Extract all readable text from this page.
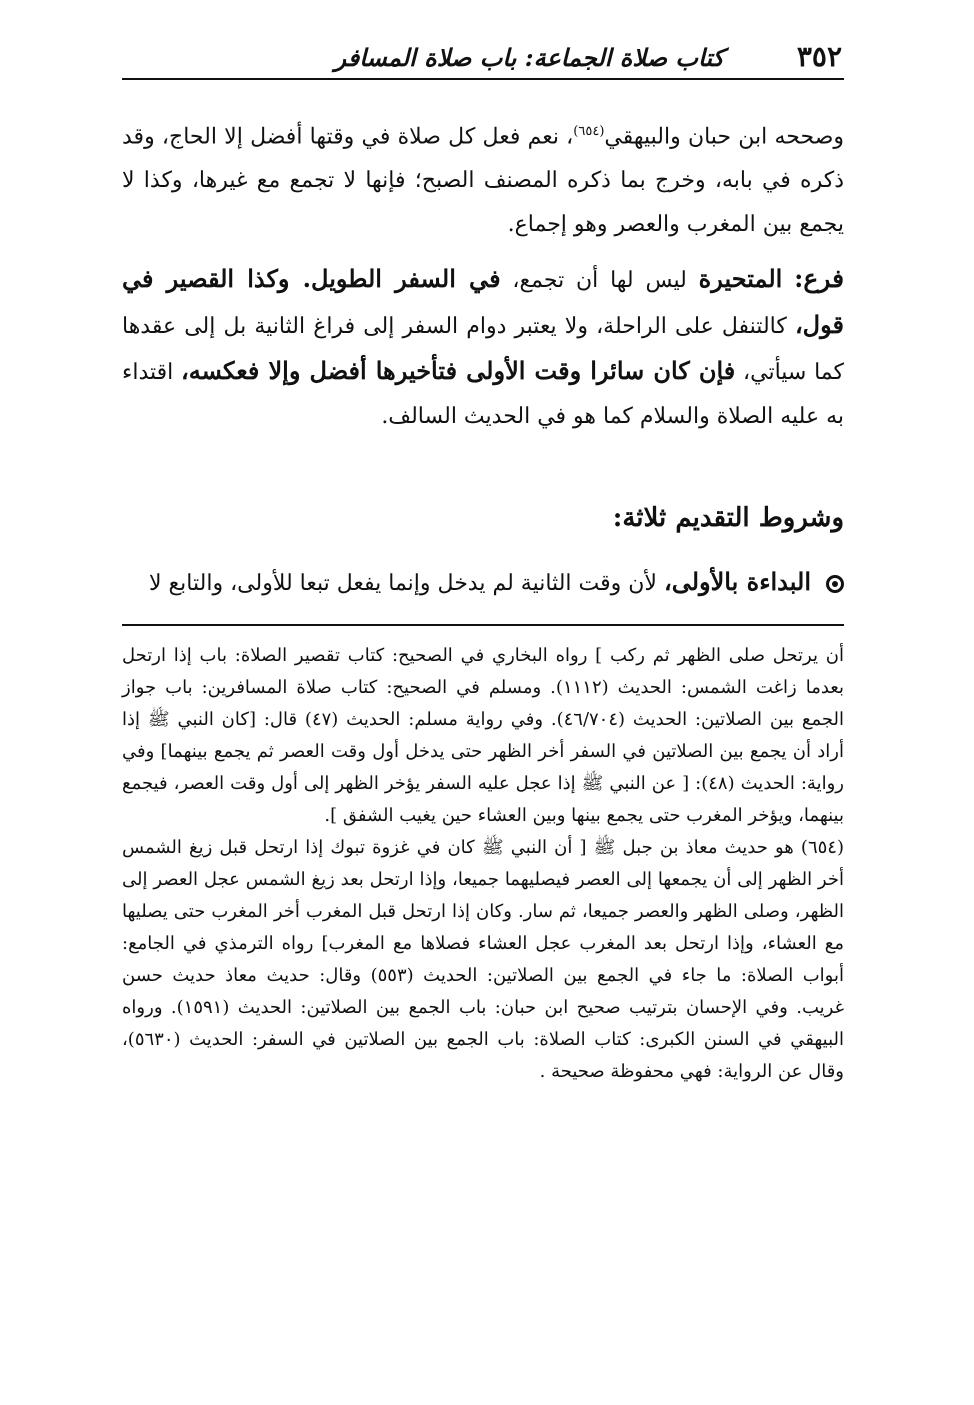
٣٥٢
كتاب صلاة الجماعة: باب صلاة المسافر

وصححه ابن حبان والبيهقي$^{(٦٥٤)}$، نعم فعل كل صلاة في وقتها أفضل إلا الحاج، وقد ذكره في بابه، وخرج بما ذكره المصنف الصبح؛ فإنها لا تجمع مع غيرها، وكذا لا يجمع بين المغرب والعصر وهو إجماع.

فرع: المتحيرة ليس لها أن تجمع، في السفر الطويل. وكذا القصير في قول، كالتنفل على الراحلة، ولا يعتبر دوام السفر إلى فراغ الثانية بل إلى عقدها كما سيأتي، فإن كان سائرا وقت الأولى فتأخيرها أفضل وإلا فعكسه، اقتداء به عليه الصلاة والسلام كما هو في الحديث السالف.

وشروط التقديم ثلاثة:
البداءة بالأولى، لأن وقت الثانية لم يدخل وإنما يفعل تبعا للأولى، والتابع لا

أن يرتحل صلى الظهر ثم ركب ] رواه البخاري في الصحيح: كتاب تقصير الصلاة: باب إذا ارتحل بعدما زاغت الشمس: الحديث (١١١٢). ومسلم في الصحيح: كتاب صلاة المسافرين: باب جواز الجمع بين الصلاتين: الحديث (٤٦/٧٠٤). وفي رواية مسلم: الحديث (٤٧) قال: [كان النبي ﷺ إذا أراد أن يجمع بين الصلاتين في السفر أخر الظهر حتى يدخل أول وقت العصر ثم يجمع بينهما] وفي رواية: الحديث (٤٨): [ عن النبي ﷺ إذا عجل عليه السفر يؤخر الظهر إلى أول وقت العصر، فيجمع بينهما، ويؤخر المغرب حتى يجمع بينها وبين العشاء حين يغيب الشفق ].

(٦٥٤) هو حديث معاذ بن جبل ﷺ [ أن النبي ﷺ كان في غزوة تبوك إذا ارتحل قبل زيغ الشمس أخر الظهر إلى أن يجمعها إلى العصر فيصليهما جميعا، وإذا ارتحل بعد زيغ الشمس عجل العصر إلى الظهر، وصلى الظهر والعصر جميعا، ثم سار. وكان إذا ارتحل قبل المغرب أخر المغرب حتى يصليها مع العشاء، وإذا ارتحل بعد المغرب عجل العشاء فصلاها مع المغرب] رواه الترمذي في الجامع: أبواب الصلاة: ما جاء في الجمع بين الصلاتين: الحديث (٥٥٣) وقال: حديث معاذ حديث حسن غريب. وفي الإحسان بترتيب صحيح ابن حبان: باب الجمع بين الصلاتين: الحديث (١٥٩١). ورواه البيهقي في السنن الكبرى: كتاب الصلاة: باب الجمع بين الصلاتين في السفر: الحديث (٥٦٣٠)، وقال عن الرواية: فهي محفوظة صحيحة .
